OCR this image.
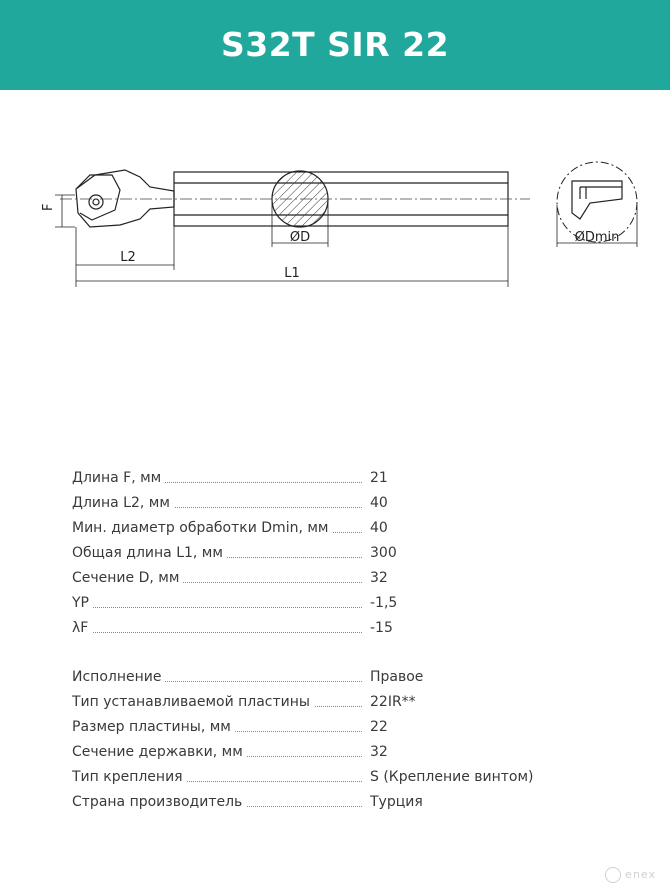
S32T SIR 22
F
L2
L1
ØD	ØDmin
Длина F, мм	21
Длина L2, мм	40
Мин. диаметр обработки Dmin, мм	40
Общая длина L1, мм	300
Сечение D, мм	32
YP	-1,5
λF	-15
Исполнение	Правое
Тип устанавливаемой пластины	22IR**
Размер пластины, мм	22
Сечение державки, мм	32
Тип крепления	S (Крепление винтом)
Страна производитель	Турция
enex
